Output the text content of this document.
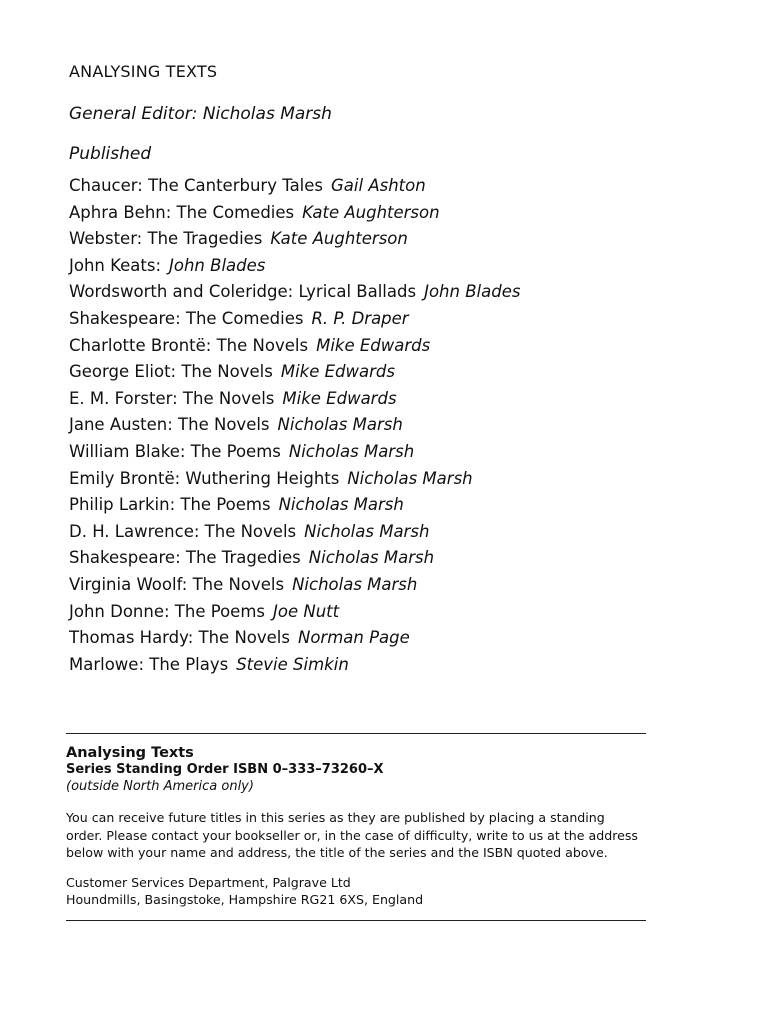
ANALYSING TEXTS
General Editor: Nicholas Marsh
Published
Chaucer: The Canterbury Tales Gail Ashton
Aphra Behn: The Comedies Kate Aughterson
Webster: The Tragedies Kate Aughterson
John Keats: John Blades
Wordsworth and Coleridge: Lyrical Ballads John Blades
Shakespeare: The Comedies R. P. Draper
Charlotte Brontë: The Novels Mike Edwards
George Eliot: The Novels Mike Edwards
E. M. Forster: The Novels Mike Edwards
Jane Austen: The Novels Nicholas Marsh
William Blake: The Poems Nicholas Marsh
Emily Brontë: Wuthering Heights Nicholas Marsh
Philip Larkin: The Poems Nicholas Marsh
D. H. Lawrence: The Novels Nicholas Marsh
Shakespeare: The Tragedies Nicholas Marsh
Virginia Woolf: The Novels Nicholas Marsh
John Donne: The Poems Joe Nutt
Thomas Hardy: The Novels Norman Page
Marlowe: The Plays Stevie Simkin
Analysing Texts
Series Standing Order ISBN 0–333–73260–X
(outside North America only)
You can receive future titles in this series as they are published by placing a standing
order. Please contact your bookseller or, in the case of difficulty, write to us at the address
below with your name and address, the title of the series and the ISBN quoted above.
Customer Services Department, Palgrave Ltd
Houndmills, Basingstoke, Hampshire RG21 6XS, England
